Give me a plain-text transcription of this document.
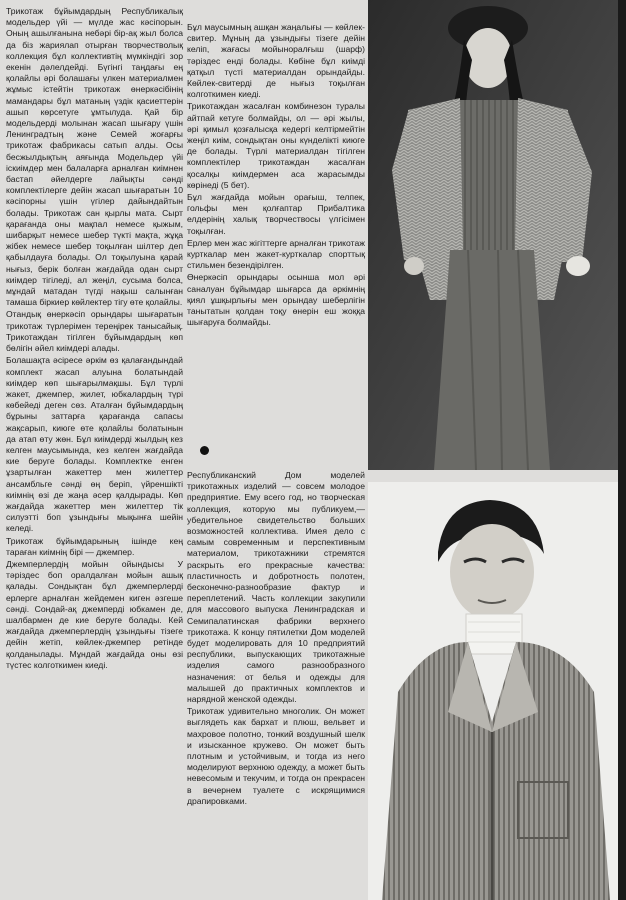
Трикотаж бұйымдардың Республикалық модельдер үйі — мүлде жас кәсіпорын. Оның ашылғанына небәрі бір-ақ жыл болса да біз жариялап отырған творчестволық коллекция бұл коллективтің мүмкіндігі зор екенін дәлелдейді. Бүгінгі таңдағы ең қолайлы әрі болашағы үлкен материалмен жұмыс істейтін трикотаж өнеркәсібінің мамандары бұл матаның үздік қасиеттерін ашып көрсетуге ұмтылуда. Қай бір модельдерді молынан жасап шығару үшін Ленинградтың және Семей жоғарғы трикотаж фабрикасы сатып алды. Осы бесжылдықтың аяғында Модельдер үйі іскиімдер мен балаларға арналған киімнен бастап әйелдерге лайықты сәнді комплектілерге дейін жасап шығаратын 10 кәсіпорны үшін үгілер дайындайтын болады. Трикотаж сан қырлы мата. Сырт қарағанда оны мақпал немесе қыжым, шибарқыт немесе шебер түкті мақта, жұқа жібек немесе шебер тоқылған шілтер деп қабылдауға болады. Ол тоқылуына қарай нығыз, берік болған жағдайда одан сырт киімдер тігіледі, ал жеңіл, сусыма болса, мұндай матадан түгді нақыш салынған тамаша біркиер көйлектер тігу өте қолайлы.

Отандық өнеркәсіп орындары шығаратын трикотаж түрлерімен тереңірек танысайық. Трикотаждан тігілген бұйымдардың көп бөлігін әйел киімдері алады.

Болашақта әсіресе әркім өз қалағандындай комплект жасап алуына болатындай киімдер көп шығарылмақшы. Бұл түрлі жакет, джемпер, жилет, юбкалардың түрі көбейеді деген сөз. Аталған бұйымдардың бұрыны заттарға қарағанда сапасы жақсарып, киюге өте қолайлы болатынын да атап өту жөн. Бұл киімдерді жылдың кез келген маусымында, кез келген жағдайда кие беруге болады. Комплектке енген ұзартылған жакеттер мен жилеттер ансамбльге сәнді өң беріп, үйреншікті киімнің өзі де жаңа әсер қалдырады. Көп жағдайда жакеттер мен жилеттер тік силуэтті боп ұзындығы мықынға шейін келеді.

Трикотаж бұйымдарының ішінде кең тараған киімнің бірі — джемпер.

Джемперлердің мойын ойындысы У тәріздес боп оралдалған мойын ашық қалады. Сондықтан бұл джемперлерді ерлерге арналған жейдемен киген әзгеше сәнді. Сондай-ақ джемперді юбкамен де, шалбармен де кие беруге болады. Кей жағдайда джемперлердің ұзындығы тізеге дейін жетіп, көйлек-джемпер ретінде қолданылады. Мұндай жағдайда оны өзі түстес колготкимен киеді.

Бұл маусымның ашқан жаңалығы — көйлек-свитер. Мұның да ұзындығы тізеге дейін келіп, жағасы мойыноралғыш (шарф) тәріздес енді болады. Көбіне бұл киімді қатқыл түсті материалдан орындайды. Көйлек-свитерді де нығыз тоқылған колготкимен киеді.

Трикотаждан жасалған комбинезон туралы айтпай кетуге болмайды, ол — әрі жылы, әрі қимыл қозғалысқа кедергі келтірмейтін жеңіл киім, сондықтан оны күнделікті киюге де болады. Түрлі материалдан тігілген комплектілер трикотаждан жасалған қосалқы киімдермен аса жарасымды көрінеді (5 бет).

Бұл жағдайда мойын орағыш, телпек, гольфы мен қолғаптар Прибалтика елдерінің халық творчествосы үлгісімен тоқылған.

Ерлер мен жас жігіттерге арналған трикотаж курткалар мен жакет-курткалар спорттық стильмен безендірілген.

Өнеркәсіп орындары осынша мол әрі саналуан бұйымдар шығарса да әркімнің қиял ұшқырлығы мен орындау шеберлігін танытатын қолдан тоқу өнерін еш жоққа шығаруға болмайды.

Республиканский Дом моделей трикотажных изделий — совсем молодое предприятие. Ему всего год, но творческая коллекция, которую мы публикуем,— убедительное свидетельство больших возможностей коллектива. Имея дело с самым современным и перспективным материалом, трикотажники стремятся раскрыть его прекрасные качества: пластичность и добротность полотен, бесконечно-разнообразие фактур и переплетений. Часть коллекции закупили для массового выпуска Ленинградская и Семипалатинская фабрики верхнего трикотажа. К концу пятилетки Дом моделей будет моделировать для 10 предприятий республики, выпускающих трикотажные изделия самого разнообразного назначения: от белья и одежды для малышей до практичных комплектов и нарядной женской одежды.

Трикотаж удивительно многолик. Он может выглядеть как бархат и плюш, вельвет и махровое полотно, тонкий воздушный шелк и изысканное кружево. Он может быть плотным и устойчивым, и тогда из него моделируют верхнюю одежду, а может быть невесомым и текучим, и тогда он прекрасен в вечернем туалете с искрящимися драпировками.
